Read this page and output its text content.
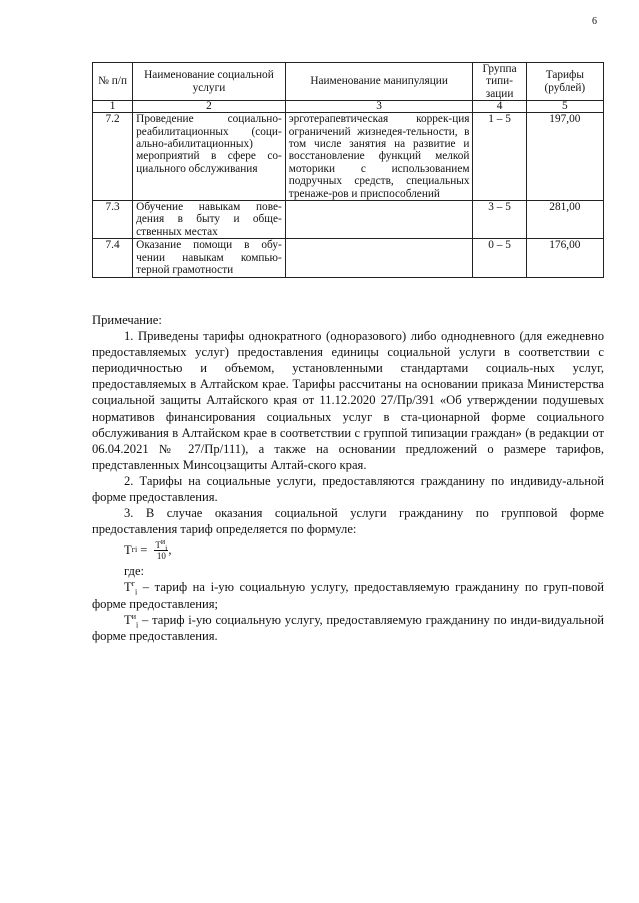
6
№ п/п	Наименование социальной услуги	Наименование манипуляции	Группа типи-зации	Тарифы (рублей)
1	2	3	4	5
7.2	Проведение социально-реабилитационных (соци-ально-абилитационных) мероприятий в сфере со-циального обслуживания	эрготерапевтическая коррек-ция ограничений жизнедея-тельности, в том числе занятия на развитие и восстановление функций мелкой моторики с использованием подручных средств, специальных тренаже-ров и приспособлений	1 – 5	197,00
7.3	Обучение навыкам пове-дения в быту и обще-ственных местах		3 – 5	281,00
7.4	Оказание помощи в обу-чении навыкам компью-терной грамотности		0 – 5	176,00

Примечание:

1. Приведены тарифы однократного (одноразового) либо однодневного (для ежедневно предоставляемых услуг) предоставления единицы социальной услуги в соответствии с периодичностью и объемом, установленными стандартами социаль-ных услуг, предоставляемых в Алтайском крае. Тарифы рассчитаны на основании приказа Министерства социальной защиты Алтайского края от 11.12.2020 27/Пр/391 «Об утверждении подушевых нормативов финансирования социальных услуг в ста-ционарной форме социального обслуживания в Алтайском крае в соответствии с группой типизации граждан» (в редакции от 06.04.2021 № 27/Пр/111), а также на основании предложений о размере тарифов, представленных Минсоцзащиты Алтай-ского края.

2. Тарифы на социальные услуги, предоставляются гражданину по индивиду-альной форме предоставления.

3. В случае оказания социальной услуги гражданину по групповой форме предоставления тариф определяется по формуле:

T г $i = \frac{T^и_i}{10}$ ,

где:

$T^г_i$ – тариф на i-ую социальную услугу, предоставляемую гражданину по груп-повой форме предоставления;

$T^и_i$ – тариф i-ую социальную услугу, предоставляемую гражданину по инди-видуальной форме предоставления.
